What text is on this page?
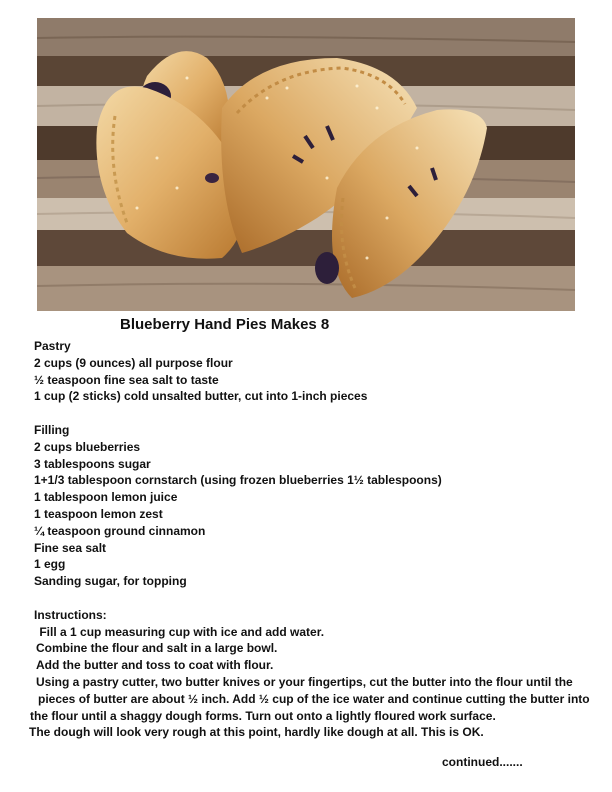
Blueberry Hand Pies Makes 8
Pastry
2 cups (9 ounces) all purpose flour
½ teaspoon fine sea salt to taste
1 cup (2 sticks) cold unsalted butter, cut into 1-inch pieces
Filling
2 cups blueberries
3 tablespoons sugar
1+1/3 tablespoon cornstarch (using frozen blueberries 1½ tablespoons)
1 tablespoon lemon juice
1 teaspoon lemon zest
¼ teaspoon ground cinnamon
Fine sea salt
1 egg
Sanding sugar, for topping
Instructions:
Fill a 1 cup measuring cup with ice and add water.
Combine the flour and salt in a large bowl.
Add the butter and toss to coat with flour.
Using a pastry cutter, two butter knives or your fingertips, cut the butter into the flour until the
pieces of butter are about ½ inch. Add ½ cup of the ice water and continue cutting the butter into
the flour until a shaggy dough forms. Turn out onto a lightly floured work surface.
The dough will look very rough at this point, hardly like dough at all. This is OK.
continued.......
